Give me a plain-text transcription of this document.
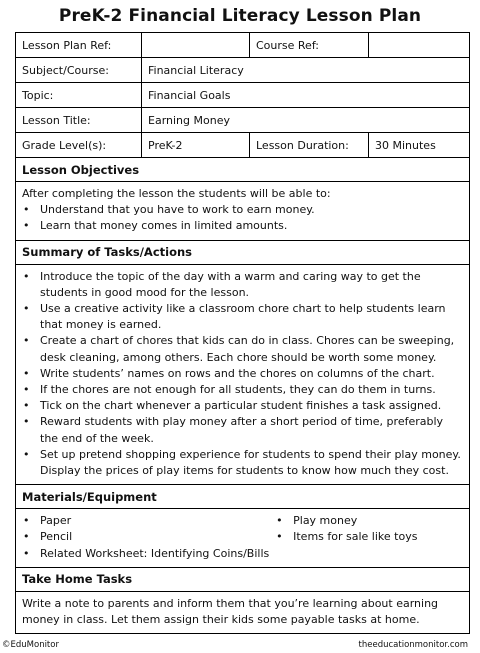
PreK-2 Financial Literacy Lesson Plan
Lesson Plan Ref:	Course Ref:
Subject/Course:	Financial Literacy
Topic:	Financial Goals
Lesson Title:	Earning Money
Grade Level(s):	PreK-2	Lesson Duration:	30 Minutes
Lesson Objectives
After completing the lesson the students will be able to:
• Understand that you have to work to earn money.
• Learn that money comes in limited amounts.
Summary of Tasks/Actions
• Introduce the topic of the day with a warm and caring way to get the students in good mood for the lesson.
• Use a creative activity like a classroom chore chart to help students learn that money is earned.
• Create a chart of chores that kids can do in class. Chores can be sweeping, desk cleaning, among others. Each chore should be worth some money.
• Write students’ names on rows and the chores on columns of the chart.
• If the chores are not enough for all students, they can do them in turns.
• Tick on the chart whenever a particular student finishes a task assigned.
• Reward students with play money after a short period of time, preferably the end of the week.
• Set up pretend shopping experience for students to spend their play money. Display the prices of play items for students to know how much they cost.
Materials/Equipment
• Paper
• Pencil
• Related Worksheet: Identifying Coins/Bills
• Play money
• Items for sale like toys
Take Home Tasks
Write a note to parents and inform them that you’re learning about earning money in class. Let them assign their kids some payable tasks at home.
©EduMonitor	theeducationmonitor.com
